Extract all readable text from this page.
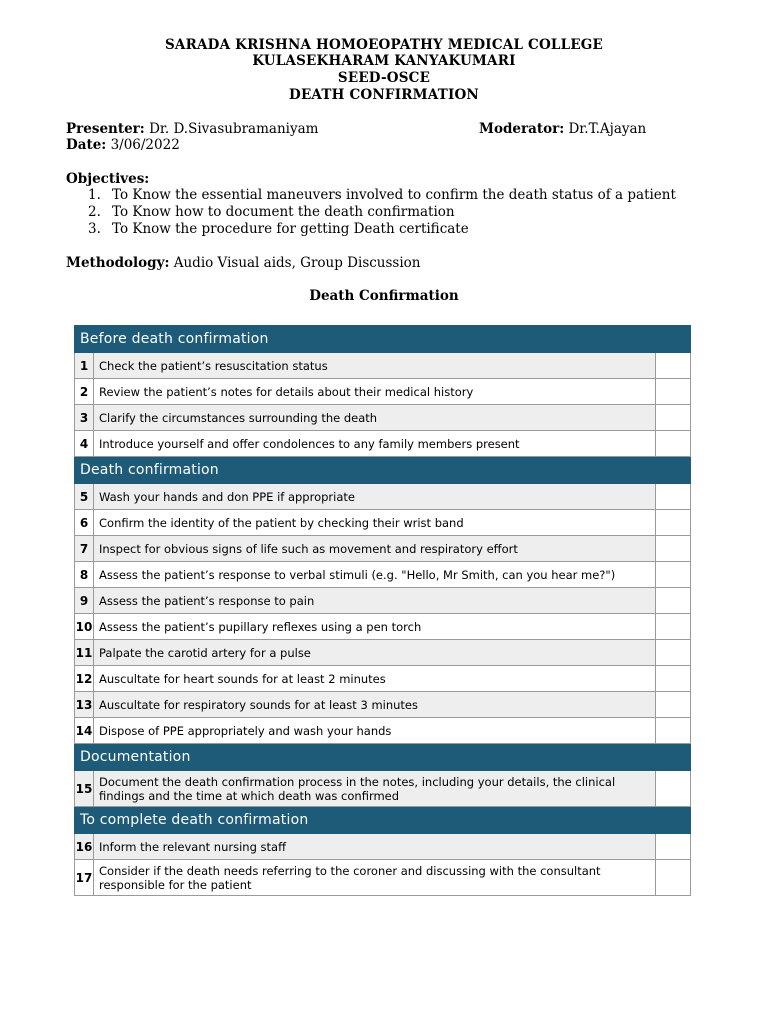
SARADA KRISHNA HOMOEOPATHY MEDICAL COLLEGE
KULASEKHARAM KANYAKUMARI
SEED-OSCE
DEATH CONFIRMATION
Presenter: Dr. D.Sivasubramaniyam	Moderator: Dr.T.Ajayan
Date: 3/06/2022
Objectives:
1. To Know the essential maneuvers involved to confirm the death status of a patient
2. To Know how to document the death confirmation
3. To Know the procedure for getting Death certificate
Methodology: Audio Visual aids, Group Discussion
Death Confirmation
Before death confirmation		
1	Check the patient’s resuscitation status	
2	Review the patient’s notes for details about their medical history	
3	Clarify the circumstances surrounding the death	
4	Introduce yourself and offer condolences to any family members present	
Death confirmation		
5	Wash your hands and don PPE if appropriate	
6	Confirm the identity of the patient by checking their wrist band	
7	Inspect for obvious signs of life such as movement and respiratory effort	
8	Assess the patient’s response to verbal stimuli (e.g. "Hello, Mr Smith, can you hear me?")	
9	Assess the patient’s response to pain	
10	Assess the patient’s pupillary reflexes using a pen torch	
11	Palpate the carotid artery for a pulse	
12	Auscultate for heart sounds for at least 2 minutes	
13	Auscultate for respiratory sounds for at least 3 minutes	
14	Dispose of PPE appropriately and wash your hands	
Documentation		
15	Document the death confirmation process in the notes, including your details, the clinical findings and the time at which death was confirmed	
To complete death confirmation		
16	Inform the relevant nursing staff	
17	Consider if the death needs referring to the coroner and discussing with the consultant responsible for the patient	
